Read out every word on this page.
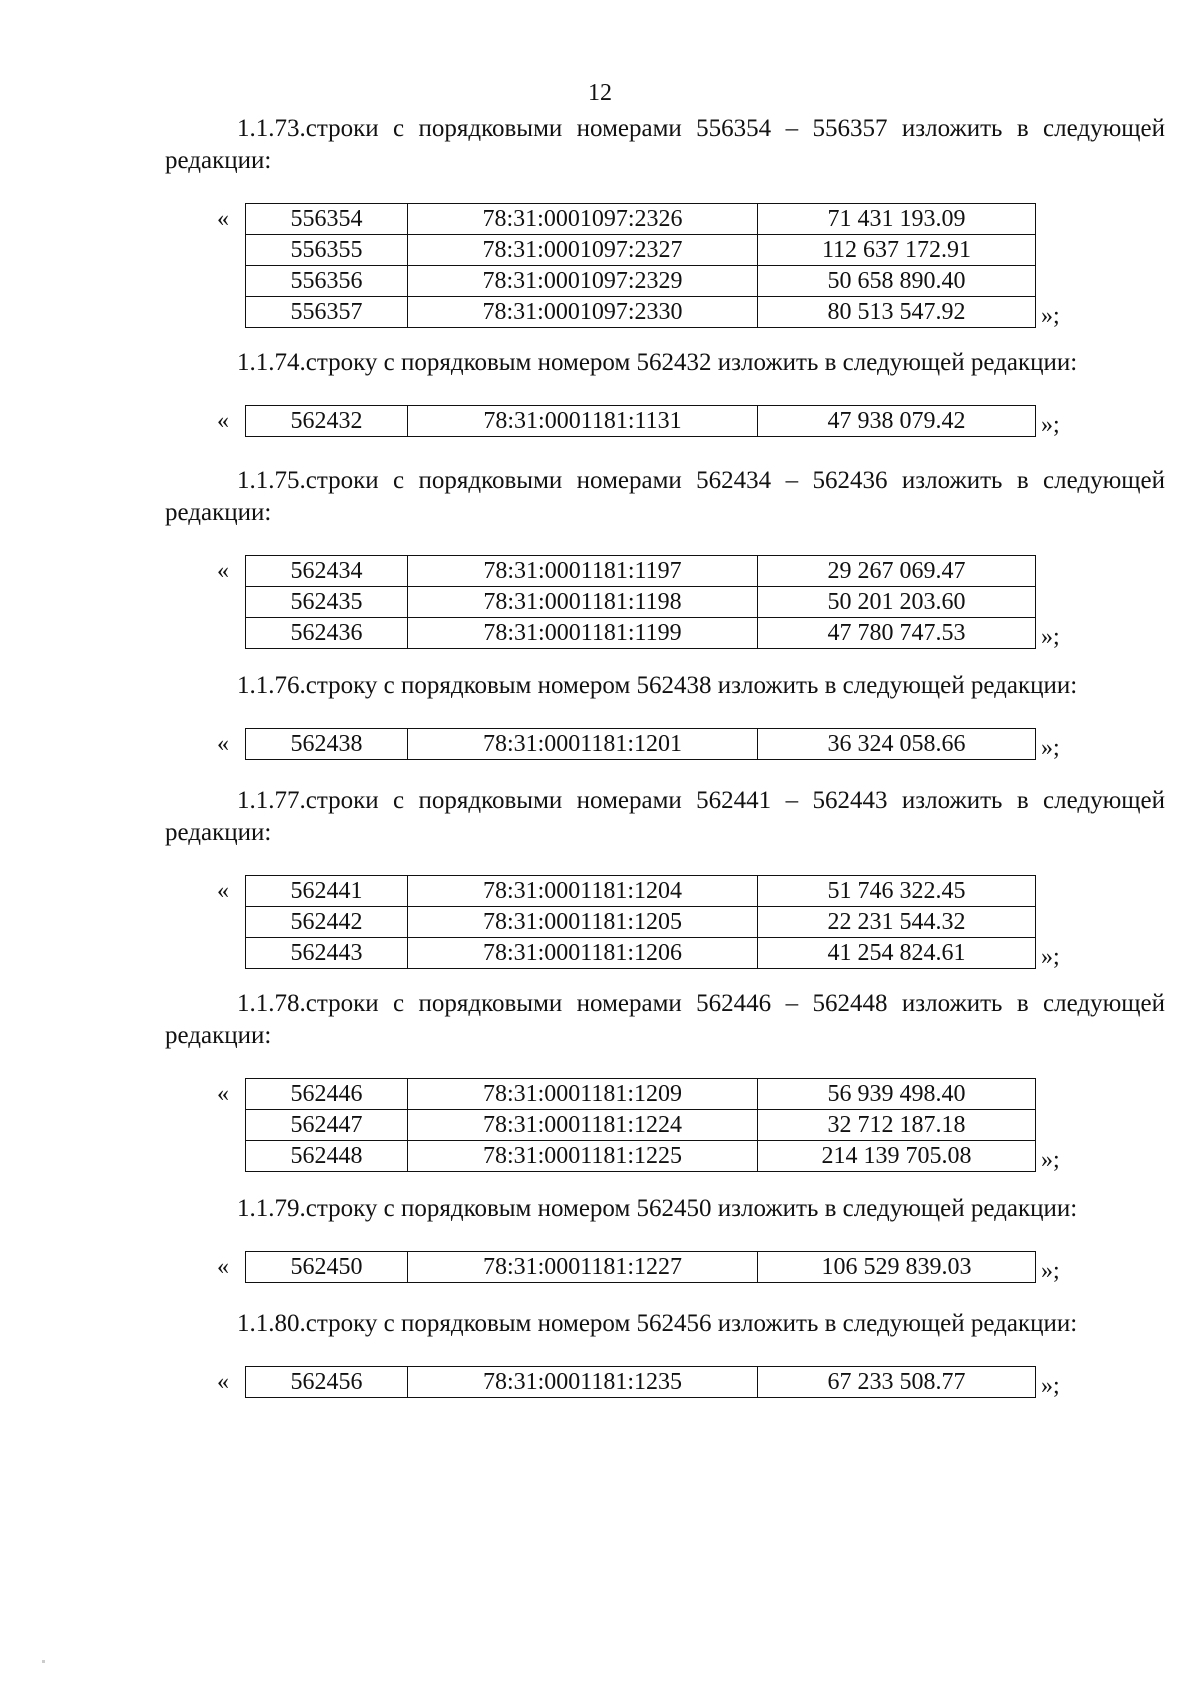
12

1.1.73.строки с порядковыми номерами 556354 – 556357 изложить в следующей редакции:

«	556354	78:31:0001097:2326	71 431 193.09
556355	78:31:0001097:2327	112 637 172.91
556356	78:31:0001097:2329	50 658 890.40
556357	78:31:0001097:2330	80 513 547.92	»;

1.1.74.строку с порядковым номером 562432 изложить в следующей редакции:

«	562432	78:31:0001181:1131	47 938 079.42	»;

1.1.75.строки с порядковыми номерами 562434 – 562436 изложить в следующей редакции:

«	562434	78:31:0001181:1197	29 267 069.47
562435	78:31:0001181:1198	50 201 203.60
562436	78:31:0001181:1199	47 780 747.53	»;

1.1.76.строку с порядковым номером 562438 изложить в следующей редакции:

«	562438	78:31:0001181:1201	36 324 058.66	»;

1.1.77.строки с порядковыми номерами 562441 – 562443 изложить в следующей редакции:

«	562441	78:31:0001181:1204	51 746 322.45
562442	78:31:0001181:1205	22 231 544.32
562443	78:31:0001181:1206	41 254 824.61	»;

1.1.78.строки с порядковыми номерами 562446 – 562448 изложить в следующей редакции:

«	562446	78:31:0001181:1209	56 939 498.40
562447	78:31:0001181:1224	32 712 187.18
562448	78:31:0001181:1225	214 139 705.08	»;

1.1.79.строку с порядковым номером 562450 изложить в следующей редакции:

«	562450	78:31:0001181:1227	106 529 839.03	»;

1.1.80.строку с порядковым номером 562456 изложить в следующей редакции:

«	562456	78:31:0001181:1235	67 233 508.77	»;
